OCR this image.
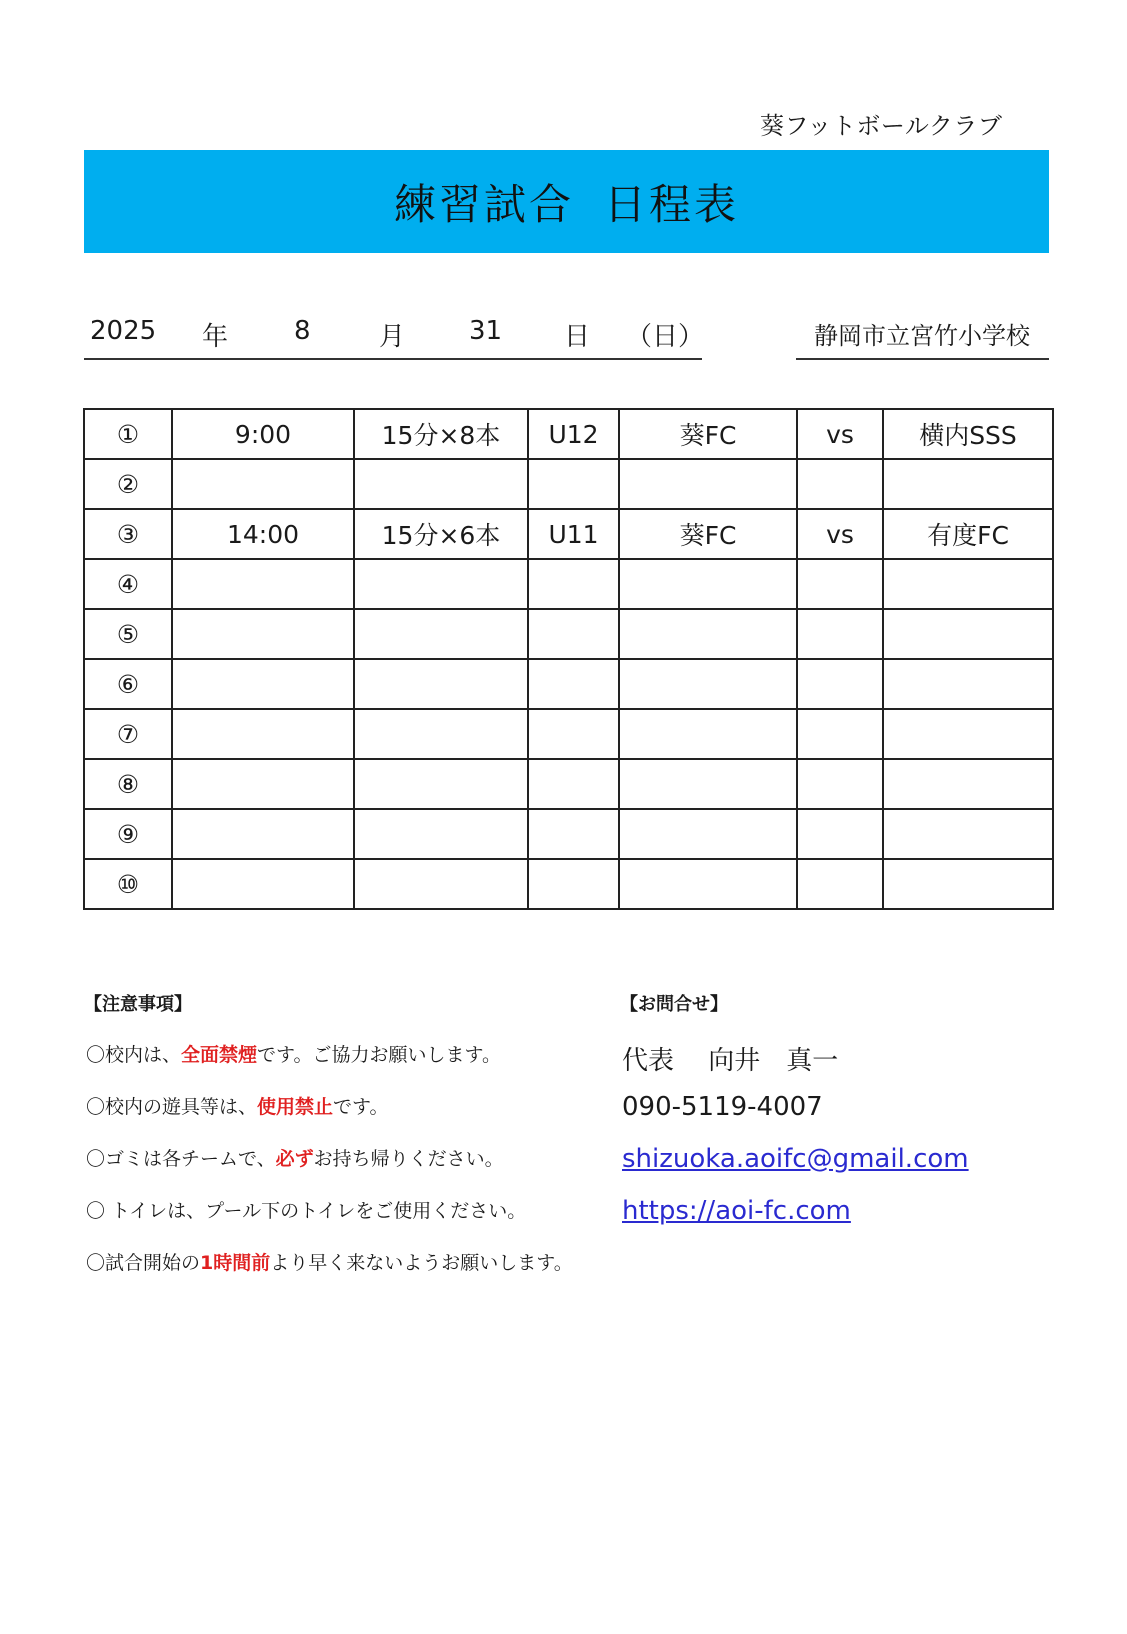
葵フットボールクラブ
練習試合 日程表
2025 年	8	月 31 日 （日）	静岡市立宮竹小学校
①	9:00	15分×8本	U12	葵FC	vs	横内SSS
②						
③	14:00	15分×6本	U11	葵FC	vs	有度FC
④						
⑤						
⑥						
⑦						
⑧						
⑨						
⑩						
【注意事項】
〇校内は、全面禁煙です。ご協力お願いします。
〇校内の遊具等は、使用禁止です。
〇ゴミは各チームで、必ずお持ち帰りください。
〇 トイレは、プール下のトイレをご使用ください。
〇試合開始の1時間前より早く来ないようお願いします。
【お問合せ】
代表　 向井　真一
090-5119-4007
shizuoka.aoifc@gmail.com
https://aoi-fc.com
